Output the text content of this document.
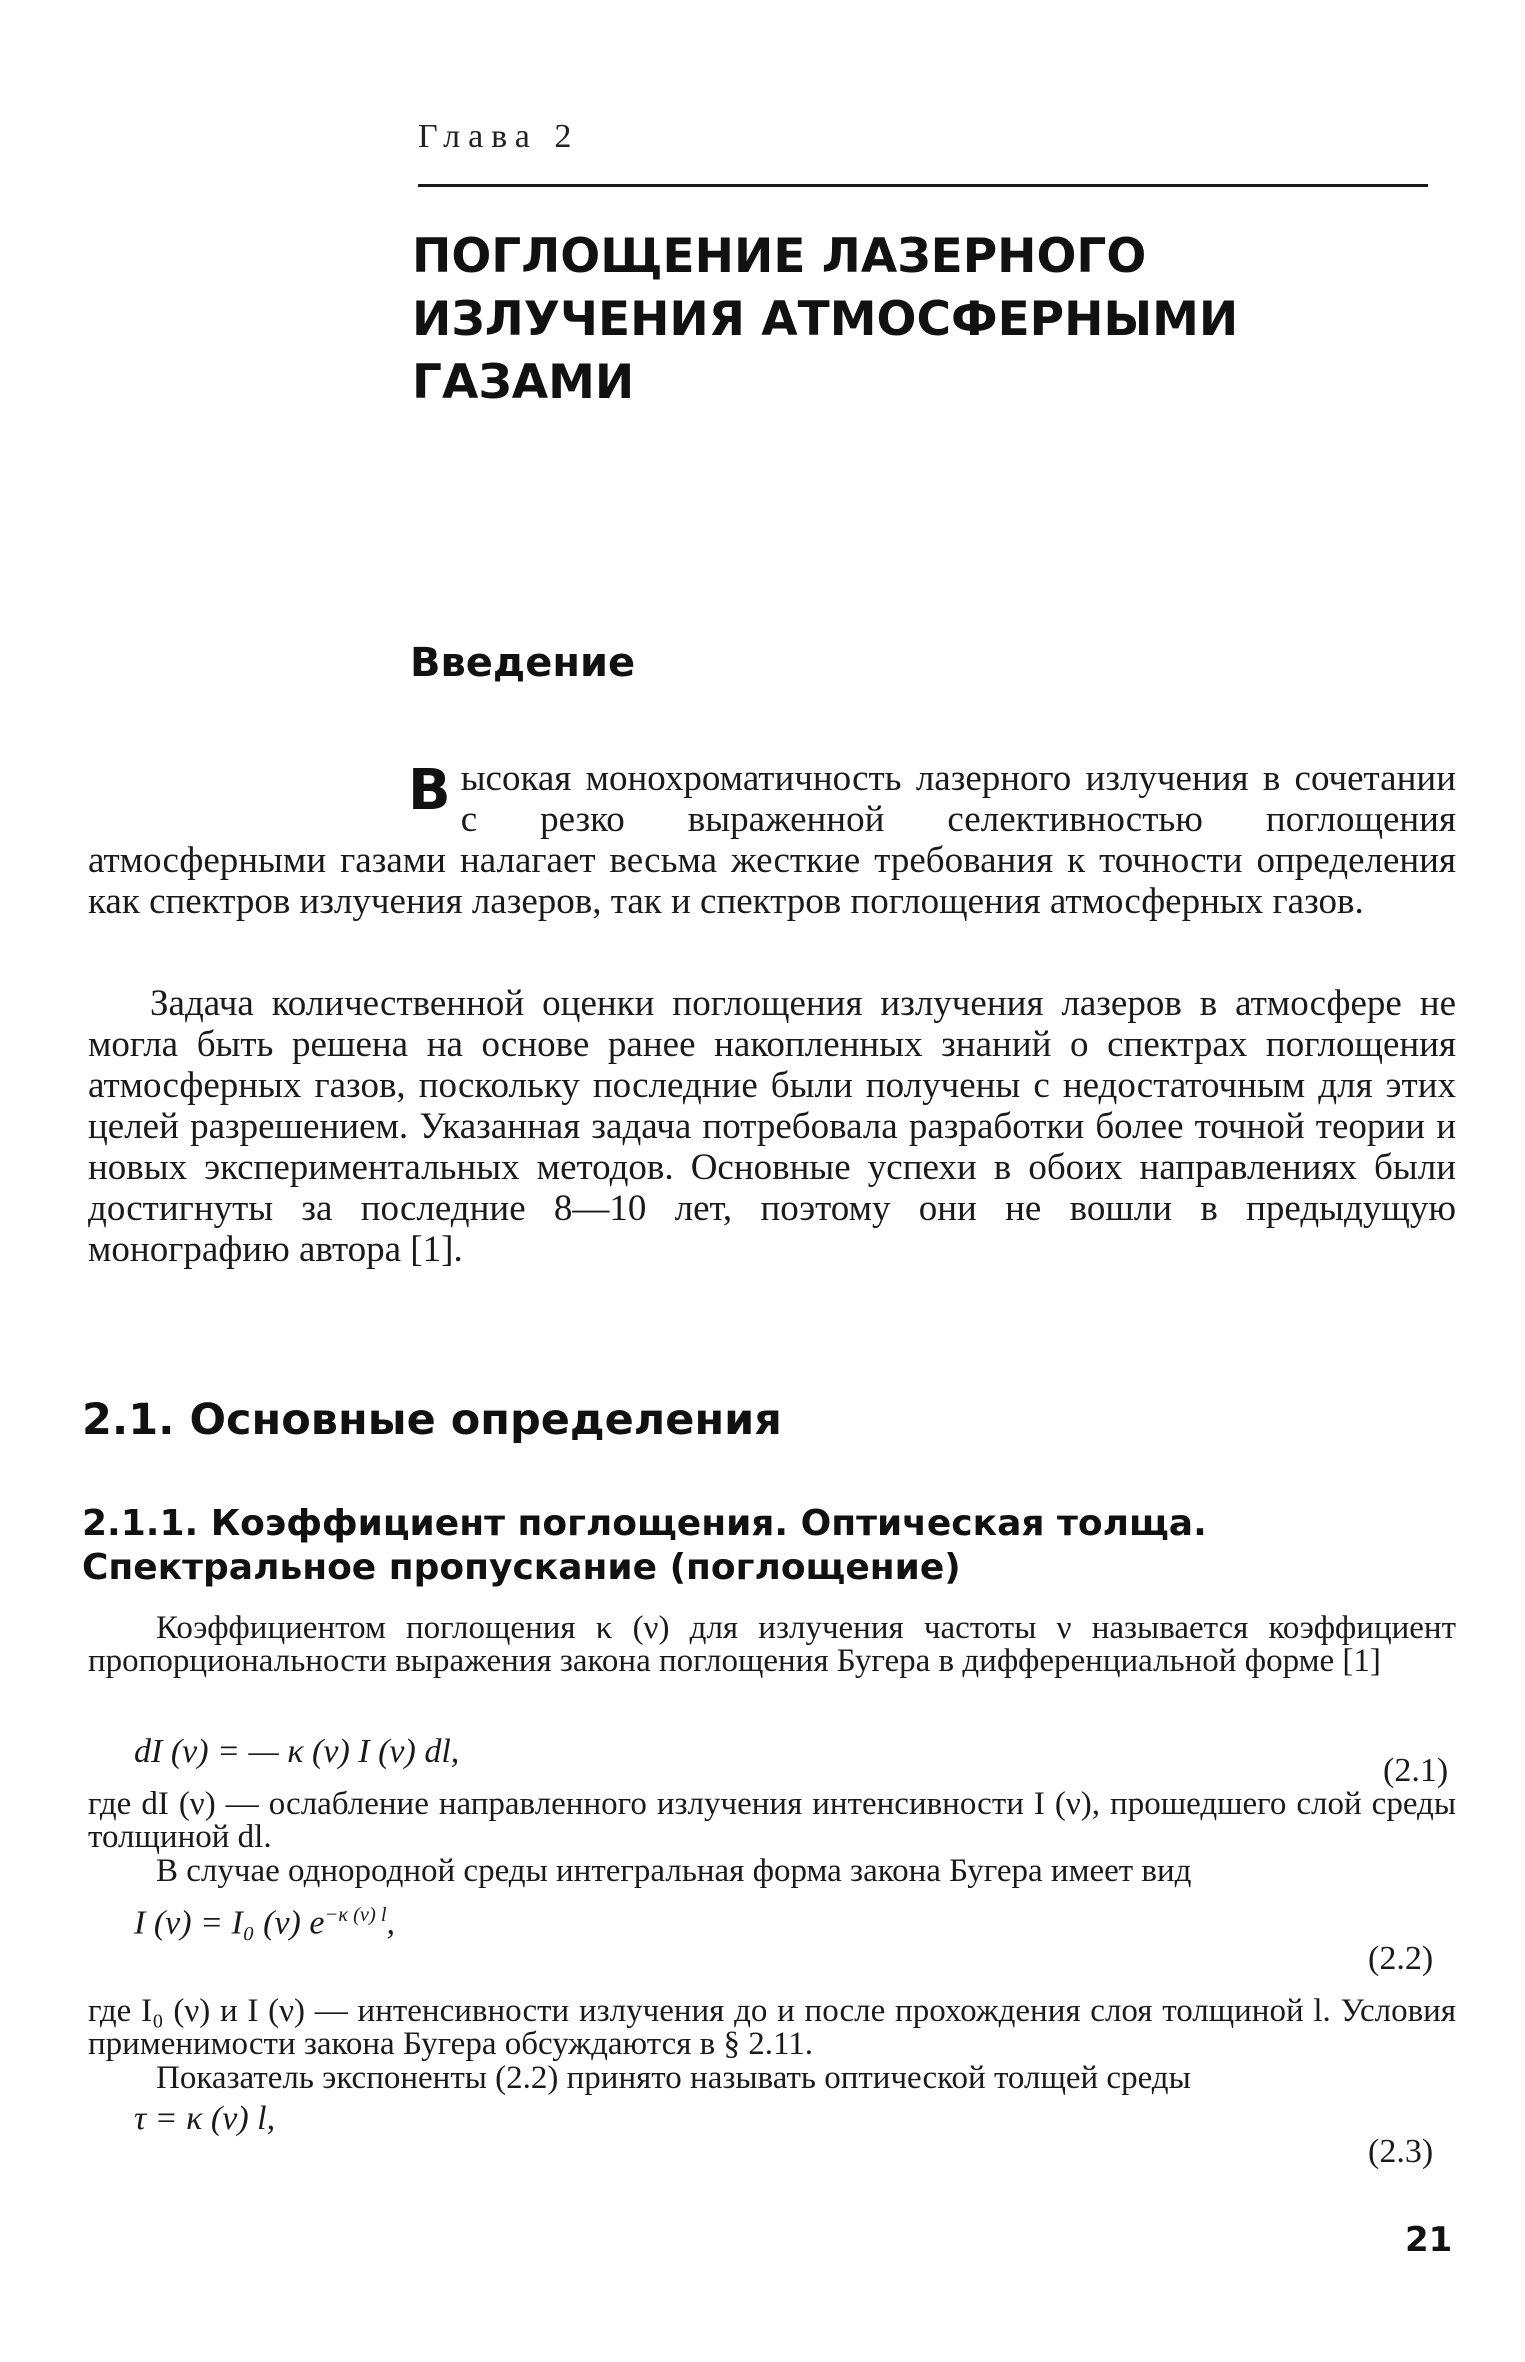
Глава 2
ПОГЛОЩЕНИЕ ЛАЗЕРНОГО
ИЗЛУЧЕНИЯ АТМОСФЕРНЫМИ
ГАЗАМИ
Введение
Высокая монохроматичность лазерного излучения в сочетании с резко выраженной селективностью поглощения атмосферными газами налагает весьма жесткие требования к точности определения как спектров излучения лазеров, так и спектров поглощения атмосферных газов.
Задача количественной оценки поглощения излучения лазеров в атмосфере не могла быть решена на основе ранее накопленных знаний о спектрах поглощения атмосферных газов, поскольку последние были получены с недостаточным для этих целей разрешением. Указанная задача потребовала разработки более точной теории и новых экспериментальных методов. Основные успехи в обоих направлениях были достигнуты за последние 8—10 лет, поэтому они не вошли в предыдущую монографию автора [1].
2.1. Основные определения
2.1.1. Коэффициент поглощения. Оптическая толща.
Спектральное пропускание (поглощение)
Коэффициентом поглощения κ (ν) для излучения частоты ν называется коэффициент пропорциональности выражения закона поглощения Бугера в дифференциальной форме [1]
dI (ν) = — κ (ν) I (ν) dl,
(2.1)
где dI (ν) — ослабление направленного излучения интенсивности I (ν), прошедшего слой среды толщиной dl.
В случае однородной среды интегральная форма закона Бугера имеет вид
I (ν) = I₀ (ν) $e^{-\kappa (\nu) l}$,
(2.2)
где I₀ (ν) и I (ν) — интенсивности излучения до и после прохождения слоя толщиной l. Условия применимости закона Бугера обсуждаются в § 2.11.
Показатель экспоненты (2.2) принято называть оптической толщей среды
τ = κ (ν) l,
(2.3)
21
